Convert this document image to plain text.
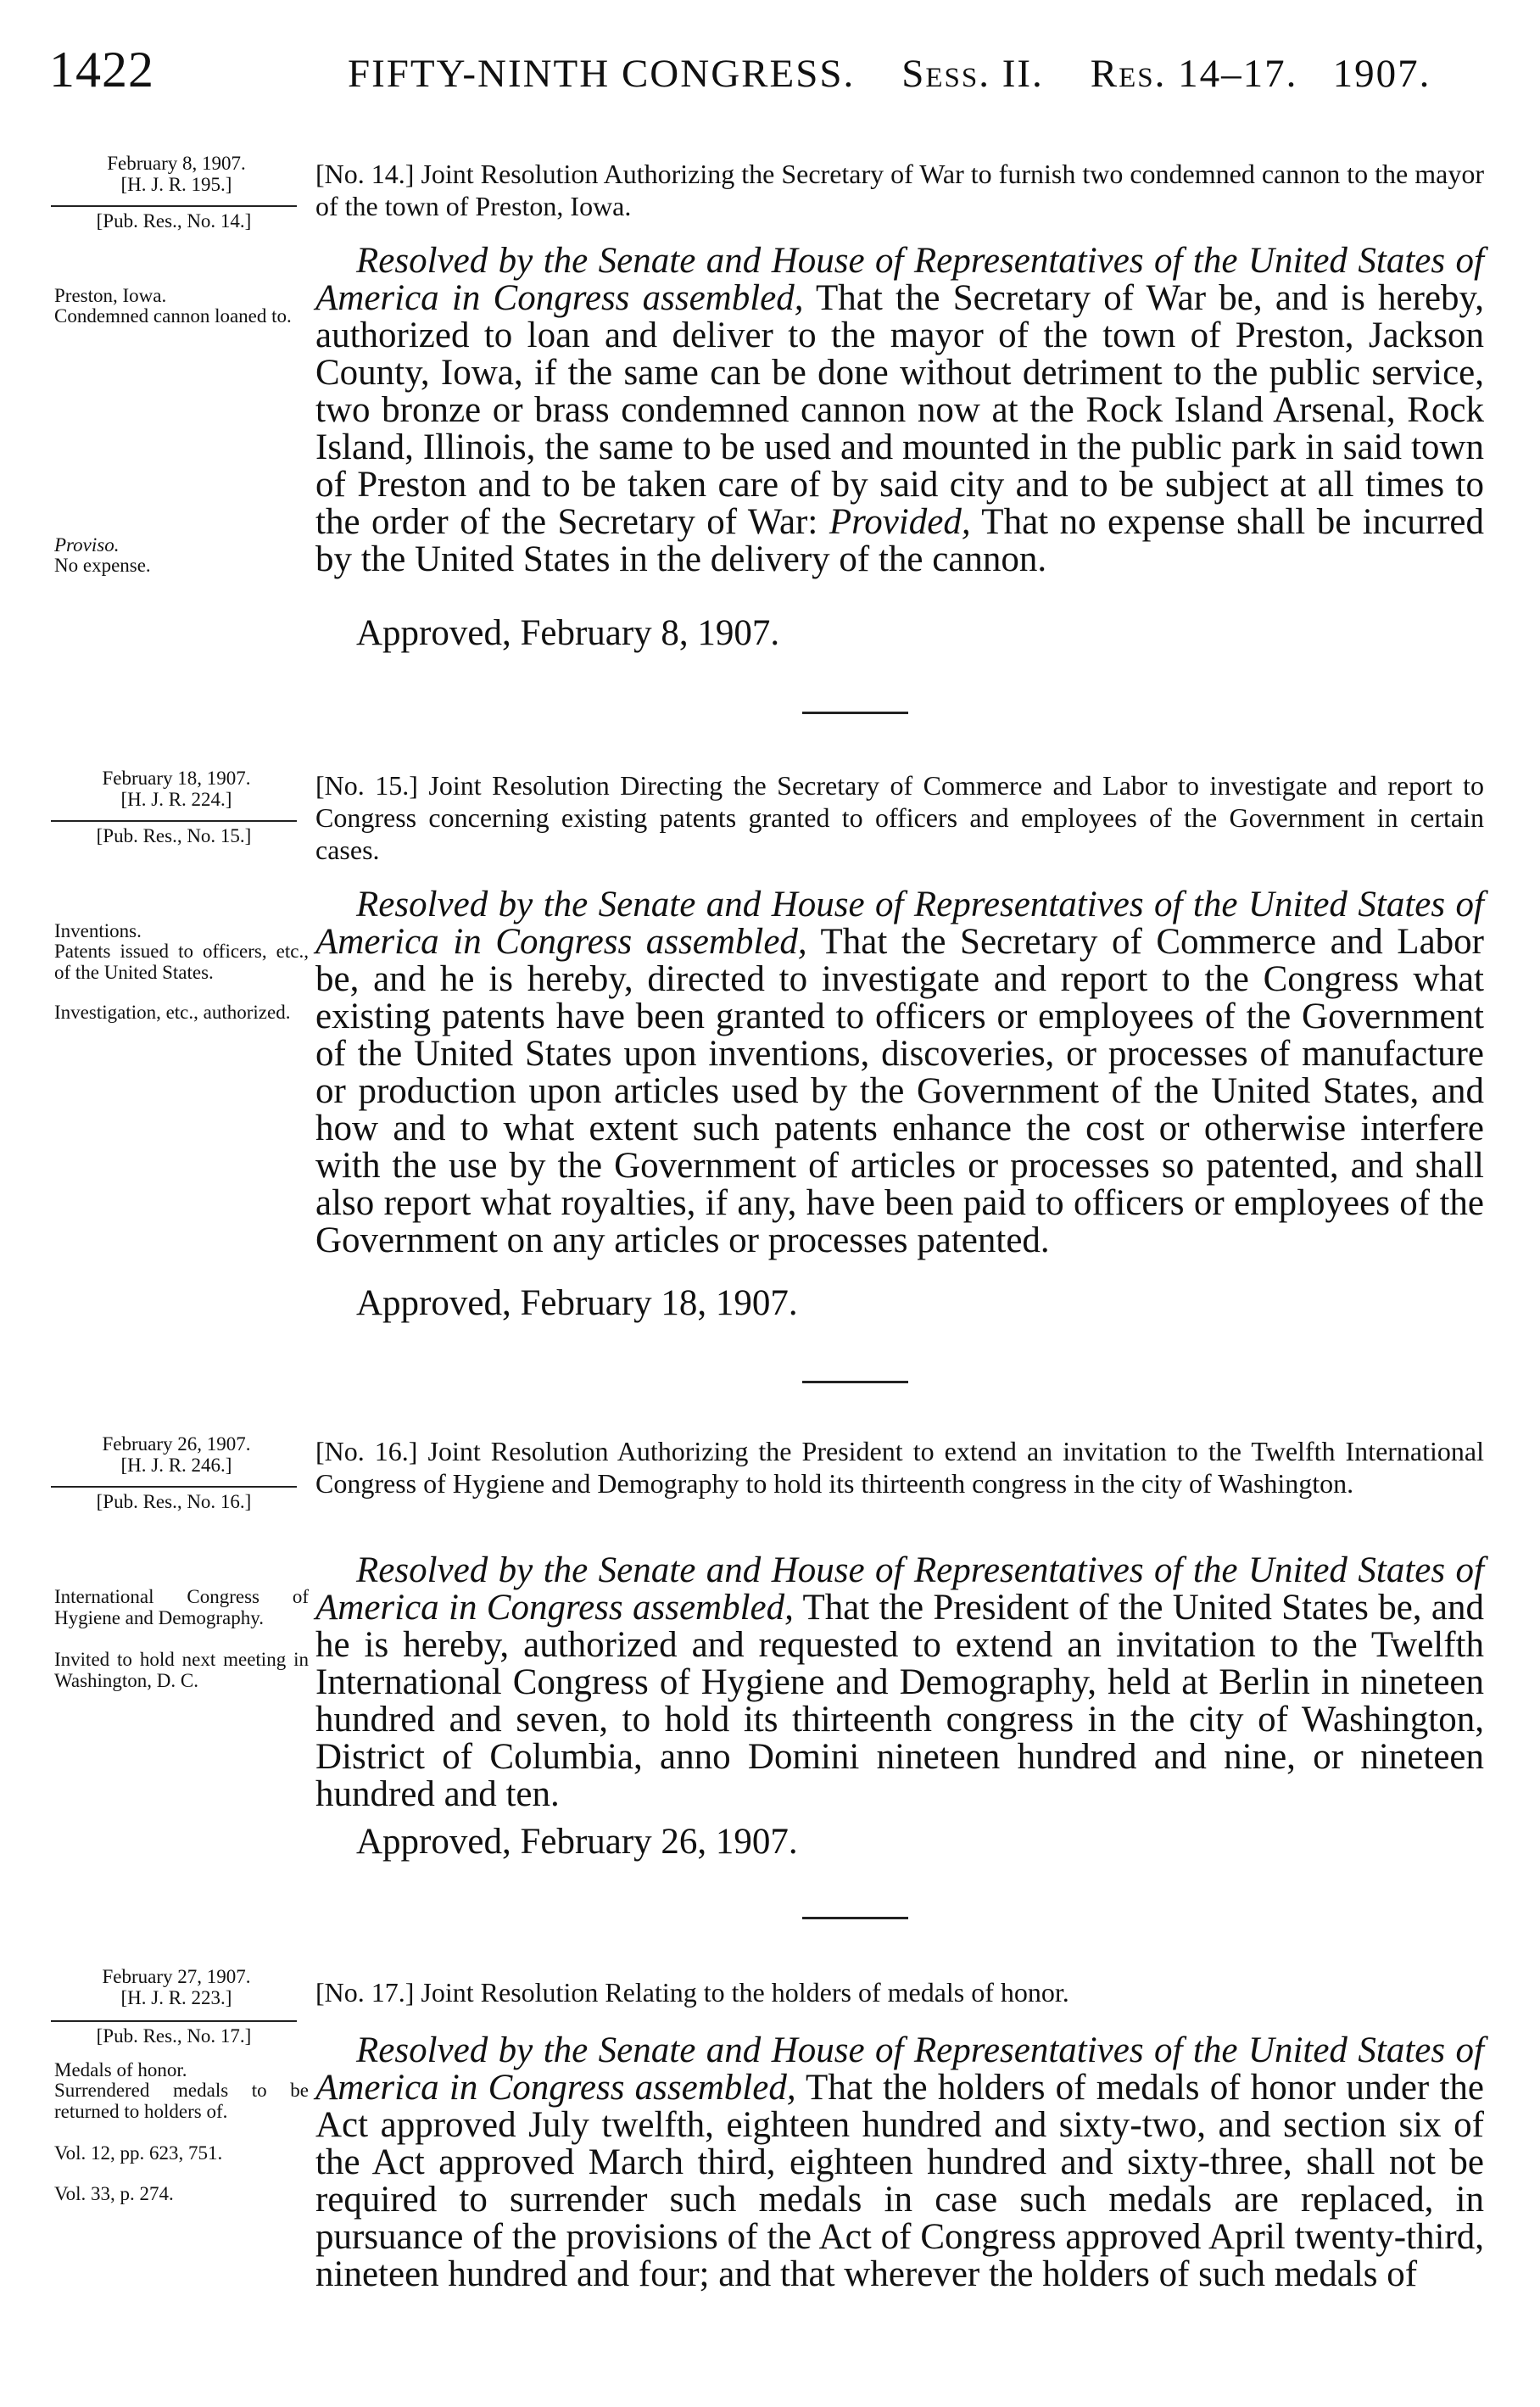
1422	FIFTY-NINTH CONGRESS. Sess. II. Res. 14–17. 1907.
February 8, 1907.
[H. J. R. 195.]
[Pub. Res., No. 14.]
[No. 14.] Joint Resolution Authorizing the Secretary of War to furnish two condemned cannon to the mayor of the town of Preston, Iowa.
Preston, Iowa.
Condemned cannon loaned to.
Proviso.
No expense.

Resolved by the Senate and House of Representatives of the United States of America in Congress assembled, That the Secretary of War be, and is hereby, authorized to loan and deliver to the mayor of the town of Preston, Jackson County, Iowa, if the same can be done without detriment to the public service, two bronze or brass condemned cannon now at the Rock Island Arsenal, Rock Island, Illinois, the same to be used and mounted in the public park in said town of Preston and to be taken care of by said city and to be subject at all times to the order of the Secretary of War: Provided, That no expense shall be incurred by the United States in the delivery of the cannon.

Approved, February 8, 1907.
February 18, 1907.
[H. J. R. 224.]
[Pub. Res., No. 15.]
[No. 15.] Joint Resolution Directing the Secretary of Commerce and Labor to investigate and report to Congress concerning existing patents granted to officers and employees of the Government in certain cases.
Inventions.
Patents issued to officers, etc., of the United States.
Investigation, etc., authorized.

Resolved by the Senate and House of Representatives of the United States of America in Congress assembled, That the Secretary of Commerce and Labor be, and he is hereby, directed to investigate and report to the Congress what existing patents have been granted to officers or employees of the Government of the United States upon inventions, discoveries, or processes of manufacture or production upon articles used by the Government of the United States, and how and to what extent such patents enhance the cost or otherwise interfere with the use by the Government of articles or processes so patented, and shall also report what royalties, if any, have been paid to officers or employees of the Government on any articles or processes patented.

Approved, February 18, 1907.
February 26, 1907.
[H. J. R. 246.]
[Pub. Res., No. 16.]
[No. 16.] Joint Resolution Authorizing the President to extend an invitation to the Twelfth International Congress of Hygiene and Demography to hold its thirteenth congress in the city of Washington.
International Congress of Hygiene and Demography.
Invited to hold next meeting in Washington, D. C.

Resolved by the Senate and House of Representatives of the United States of America in Congress assembled, That the President of the United States be, and he is hereby, authorized and requested to extend an invitation to the Twelfth International Congress of Hygiene and Demography, held at Berlin in nineteen hundred and seven, to hold its thirteenth congress in the city of Washington, District of Columbia, anno Domini nineteen hundred and nine, or nineteen hundred and ten.

Approved, February 26, 1907.
February 27, 1907.
[H. J. R. 223.]
[Pub. Res., No. 17.]
[No. 17.] Joint Resolution Relating to the holders of medals of honor.
Medals of honor.
Surrendered medals to be returned to holders of.
Vol. 12, pp. 623, 751.
Vol. 33, p. 274.

Resolved by the Senate and House of Representatives of the United States of America in Congress assembled, That the holders of medals of honor under the Act approved July twelfth, eighteen hundred and sixty-two, and section six of the Act approved March third, eighteen hundred and sixty-three, shall not be required to surrender such medals in case such medals are replaced, in pursuance of the provisions of the Act of Congress approved April twenty-third, nineteen hundred and four; and that wherever the holders of such medals of
